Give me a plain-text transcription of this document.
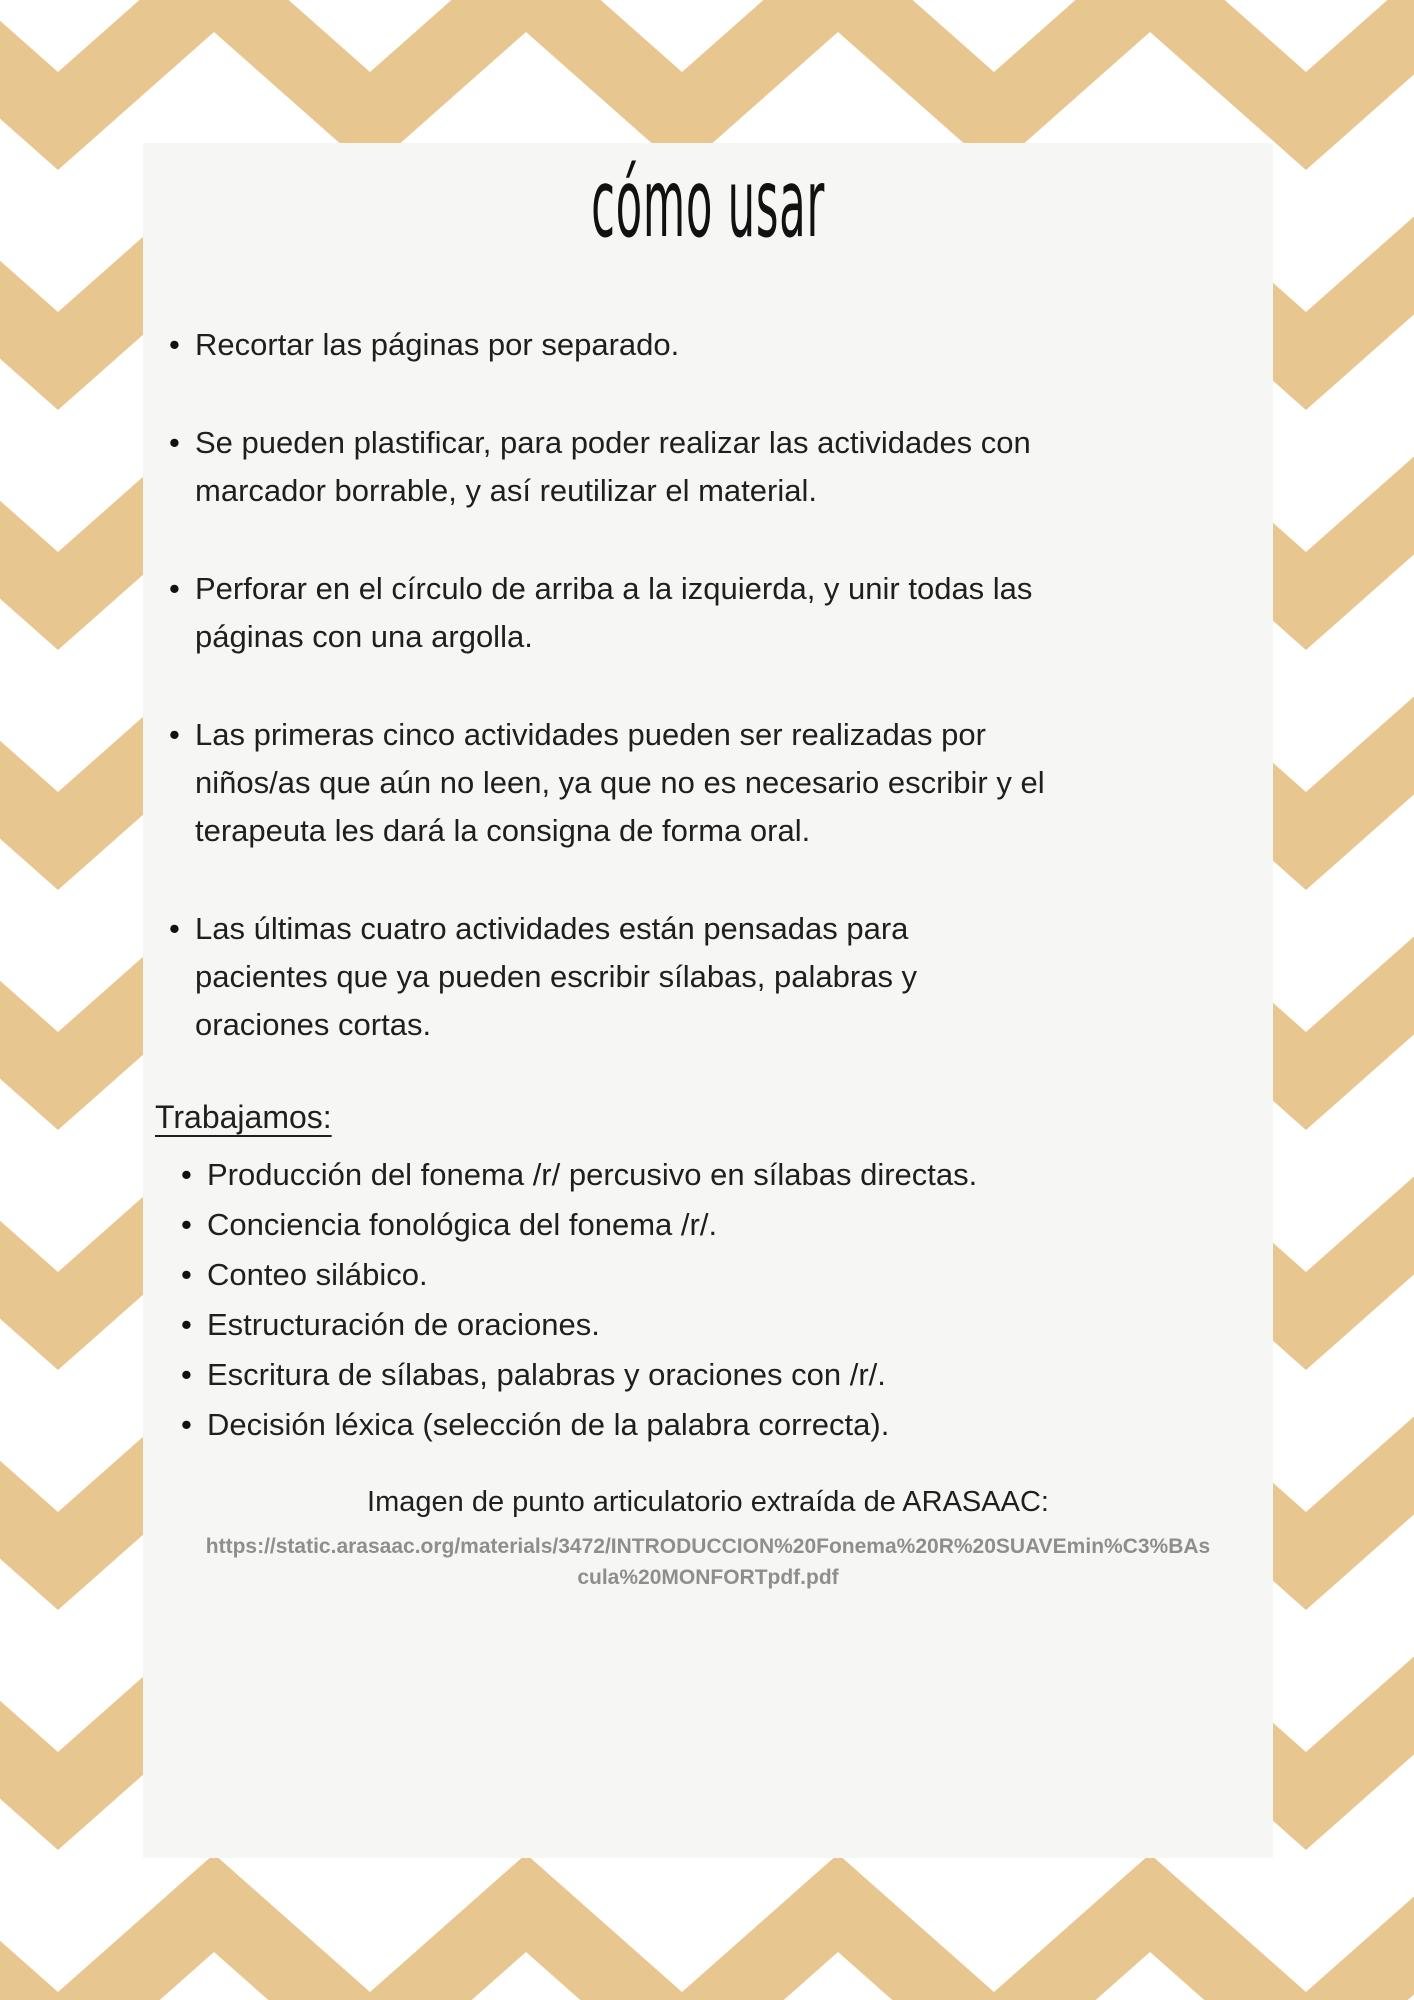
cómo usar
• Recortar las páginas por separado.
• Se pueden plastificar, para poder realizar las actividades con marcador borrable, y así reutilizar el material.
• Perforar en el círculo de arriba a la izquierda, y unir todas las páginas con una argolla.
• Las primeras cinco actividades pueden ser realizadas por niños/as que aún no leen, ya que no es necesario escribir y el terapeuta les dará la consigna de forma oral.
• Las últimas cuatro actividades están pensadas para pacientes que ya pueden escribir sílabas, palabras y oraciones cortas.
Trabajamos:
• Producción del fonema /r/ percusivo en sílabas directas.
• Conciencia fonológica del fonema /r/.
• Conteo silábico.
• Estructuración de oraciones.
• Escritura de sílabas, palabras y oraciones con /r/.
• Decisión léxica (selección de la palabra correcta).
Imagen de punto articulatorio extraída de ARASAAC:
https://static.arasaac.org/materials/3472/INTRODUCCION%20Fonema%20R%20SUAVEmin%C3%BAscula%20MONFORTpdf.pdf
